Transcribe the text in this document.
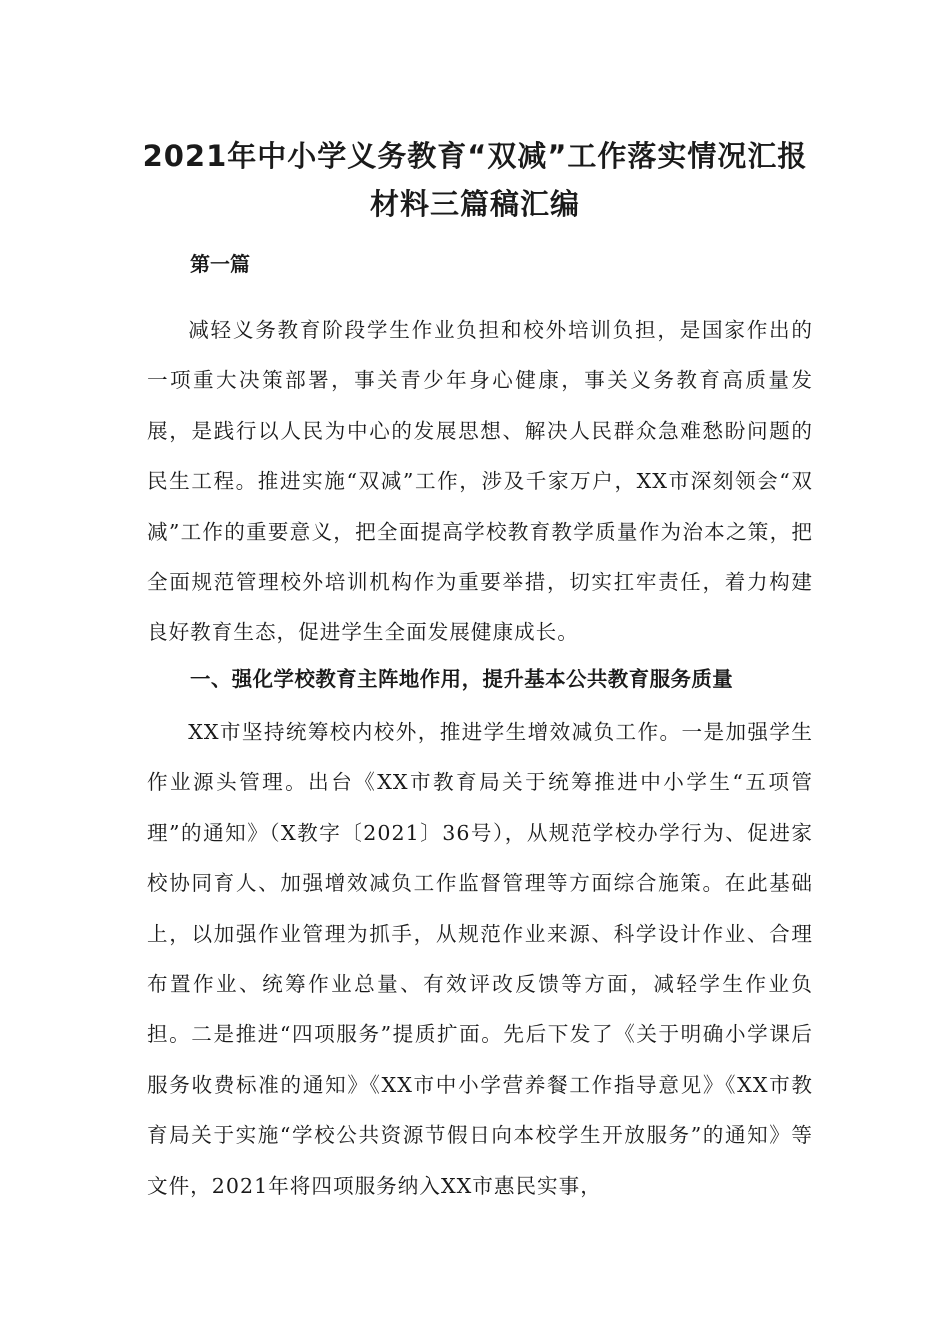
2021年中小学义务教育“双减”工作落实情况汇报
材料三篇稿汇编
第一篇

减轻义务教育阶段学生作业负担和校外培训负担，是国家作出的一项重大决策部署，事关青少年身心健康，事关义务教育高质量发展，是践行以人民为中心的发展思想、解决人民群众急难愁盼问题的民生工程。推进实施“双减”工作，涉及千家万户，XX市深刻领会“双减”工作的重要意义，把全面提高学校教育教学质量作为治本之策，把全面规范管理校外培训机构作为重要举措，切实扛牢责任，着力构建良好教育生态，促进学生全面发展健康成长。

一、强化学校教育主阵地作用，提升基本公共教育服务质量

XX市坚持统筹校内校外，推进学生增效减负工作。一是加强学生作业源头管理。出台《XX市教育局关于统筹推进中小学生“五项管理”的通知》（X教字〔2021〕36号），从规范学校办学行为、促进家校协同育人、加强增效减负工作监督管理等方面综合施策。在此基础上，以加强作业管理为抓手，从规范作业来源、科学设计作业、合理布置作业、统筹作业总量、有效评改反馈等方面，减轻学生作业负担。二是推进“四项服务”提质扩面。先后下发了《关于明确小学课后服务收费标准的通知》《XX市中小学营养餐工作指导意见》《XX市教育局关于实施“学校公共资源节假日向本校学生开放服务”的通知》等文件，2021年将四项服务纳入XX市惠民实事，
